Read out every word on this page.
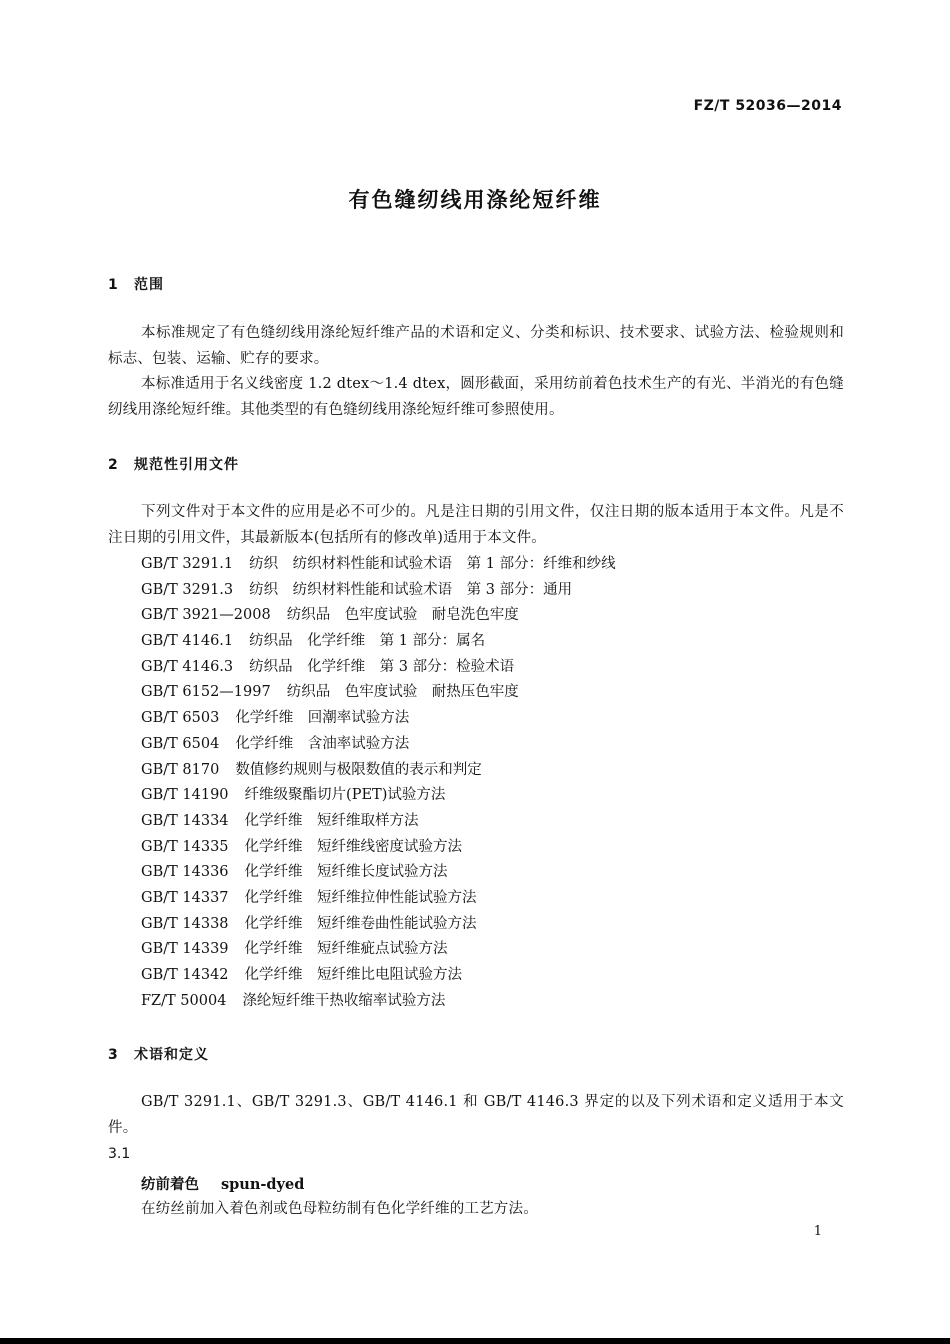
FZ/T 52036—2014
有色缝纫线用涤纶短纤维
1 范围
本标准规定了有色缝纫线用涤纶短纤维产品的术语和定义、分类和标识、技术要求、试验方法、检验规则和标志、包装、运输、贮存的要求。
本标准适用于名义线密度 1.2 dtex～1.4 dtex，圆形截面，采用纺前着色技术生产的有光、半消光的有色缝纫线用涤纶短纤维。其他类型的有色缝纫线用涤纶短纤维可参照使用。
2 规范性引用文件
下列文件对于本文件的应用是必不可少的。凡是注日期的引用文件，仅注日期的版本适用于本文件。凡是不注日期的引用文件，其最新版本(包括所有的修改单)适用于本文件。
GB/T 3291.1 纺织　纺织材料性能和试验术语　第 1 部分：纤维和纱线
GB/T 3291.3 纺织　纺织材料性能和试验术语　第 3 部分：通用
GB/T 3921—2008 纺织品　色牢度试验　耐皂洗色牢度
GB/T 4146.1 纺织品　化学纤维　第 1 部分：属名
GB/T 4146.3 纺织品　化学纤维　第 3 部分：检验术语
GB/T 6152—1997 纺织品　色牢度试验　耐热压色牢度
GB/T 6503 化学纤维　回潮率试验方法
GB/T 6504 化学纤维　含油率试验方法
GB/T 8170 数值修约规则与极限数值的表示和判定
GB/T 14190 纤维级聚酯切片(PET)试验方法
GB/T 14334 化学纤维　短纤维取样方法
GB/T 14335 化学纤维　短纤维线密度试验方法
GB/T 14336 化学纤维　短纤维长度试验方法
GB/T 14337 化学纤维　短纤维拉伸性能试验方法
GB/T 14338 化学纤维　短纤维卷曲性能试验方法
GB/T 14339 化学纤维　短纤维疵点试验方法
GB/T 14342 化学纤维　短纤维比电阻试验方法
FZ/T 50004 涤纶短纤维干热收缩率试验方法
3 术语和定义
GB/T 3291.1、GB/T 3291.3、GB/T 4146.1 和 GB/T 4146.3 界定的以及下列术语和定义适用于本文件。
3.1
纺前着色 spun-dyed
在纺丝前加入着色剂或色母粒纺制有色化学纤维的工艺方法。
1
